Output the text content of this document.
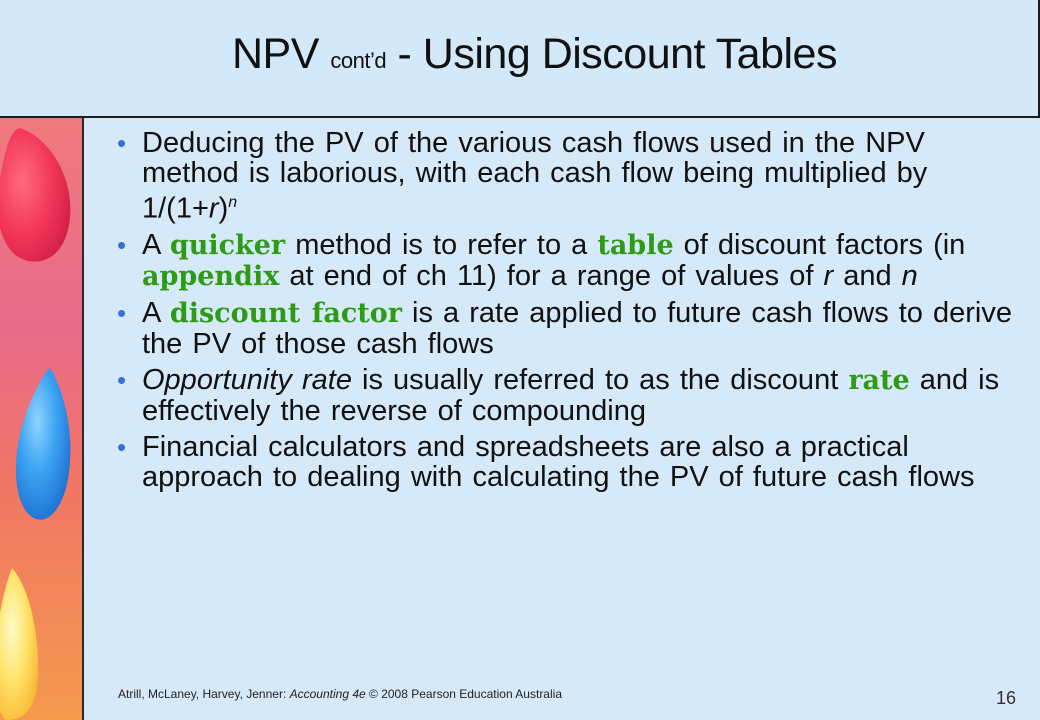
NPV cont’d - Using Discount Tables
• Deducing the PV of the various cash flows used in the NPV method is laborious, with each cash flow being multiplied by $1/(1+r)^n$
• A quicker method is to refer to a table of discount factors (in appendix at end of ch 11) for a range of values of r and n
• A discount factor is a rate applied to future cash flows to derive the PV of those cash flows
• Opportunity rate is usually referred to as the discount rate and is effectively the reverse of compounding
• Financial calculators and spreadsheets are also a practical approach to dealing with calculating the PV of future cash flows
Atrill, McLaney, Harvey, Jenner: Accounting 4e © 2008 Pearson Education Australia	16
